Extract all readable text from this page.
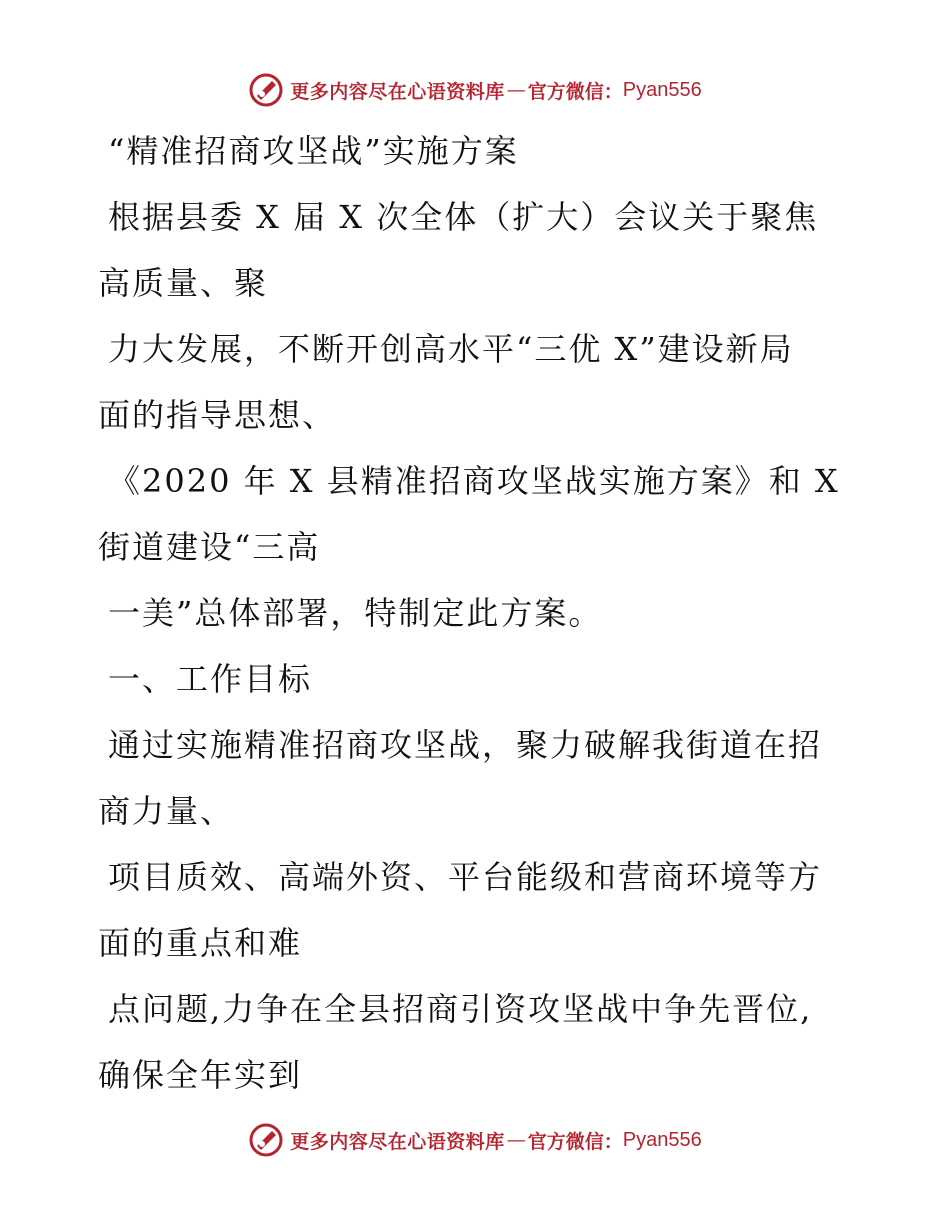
更多内容尽在心语资料库 — 官方微信： Pyan556
“精准招商攻坚战”实施方案
根据县委 X 届 X 次全体（扩大）会议关于聚焦
高质量、聚
力大发展，不断开创高水平“三优 X”建设新局
面的指导思想、
《2020 年 X 县精准招商攻坚战实施方案》和 X
街道建设“三高
一美”总体部署，特制定此方案。
一、工作目标
通过实施精准招商攻坚战，聚力破解我街道在招
商力量、
项目质效、高端外资、平台能级和营商环境等方
面的重点和难
点问题,力争在全县招商引资攻坚战中争先晋位,
确保全年实到
更多内容尽在心语资料库 — 官方微信： Pyan556
